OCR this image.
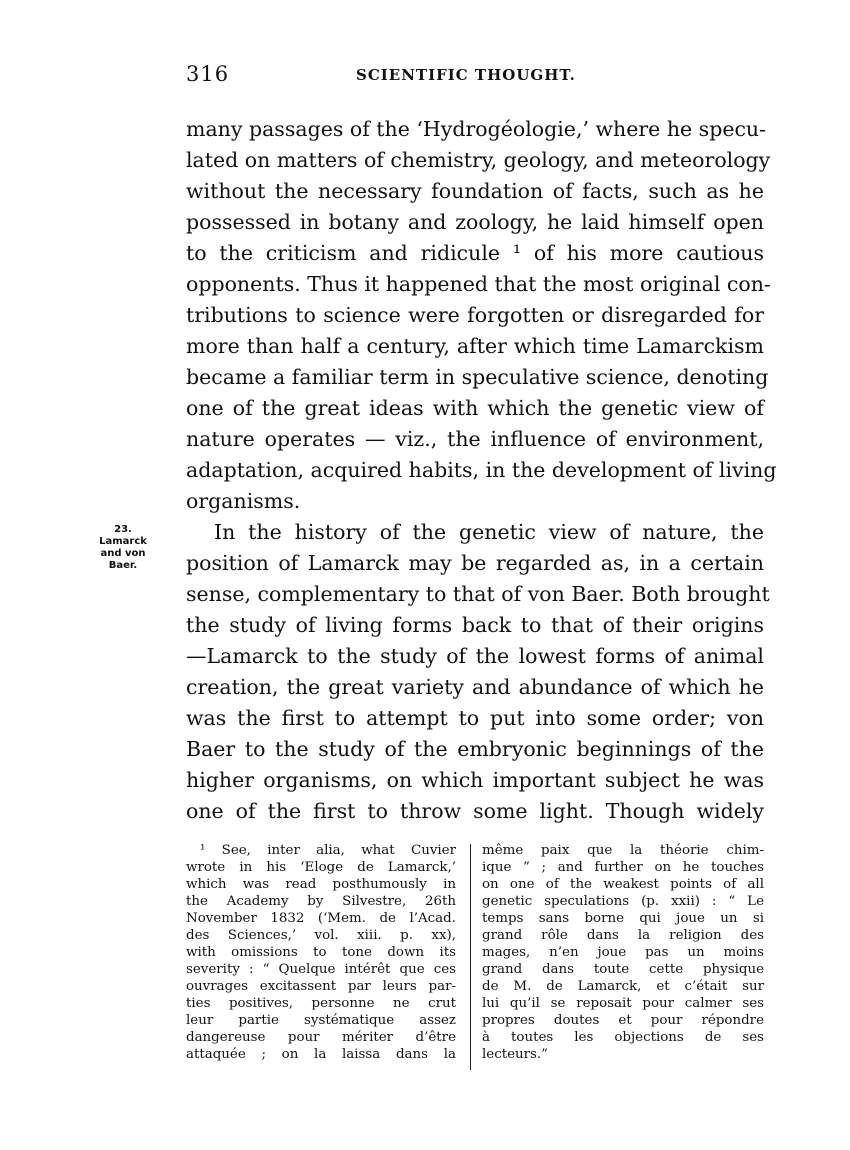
316	SCIENTIFIC THOUGHT.
23.
Lamarck
and von
Baer.
many passages of the ‘Hydrogéologie,’ where he specu-
lated on matters of chemistry, geology, and meteorology
without the necessary foundation of facts, such as he
possessed in botany and zoology, he laid himself open
to the criticism and ridicule ¹ of his more cautious
opponents. Thus it happened that the most original con-
tributions to science were forgotten or disregarded for
more than half a century, after which time Lamarckism
became a familiar term in speculative science, denoting
one of the great ideas with which the genetic view of
nature operates — viz., the influence of environment,
adaptation, acquired habits, in the development of living
organisms.
In the history of the genetic view of nature, the
position of Lamarck may be regarded as, in a certain
sense, complementary to that of von Baer. Both brought
the study of living forms back to that of their origins
—Lamarck to the study of the lowest forms of animal
creation, the great variety and abundance of which he
was the first to attempt to put into some order; von
Baer to the study of the embryonic beginnings of the
higher organisms, on which important subject he was
one of the first to throw some light. Though widely
¹ See, inter alia, what Cuvier
wrote in his ‘Eloge de Lamarck,’
which was read posthumously in
the Academy by Silvestre, 26th
November 1832 (‘Mem. de l’Acad.
des Sciences,’ vol. xiii. p. xx),
with omissions to tone down its
severity : “ Quelque intérêt que ces
ouvrages excitassent par leurs par-
ties positives, personne ne crut
leur partie systématique assez
dangereuse pour mériter d’être
attaquée ; on la laissa dans la
même paix que la théorie chim-
ique ” ; and further on he touches
on one of the weakest points of all
genetic speculations (p. xxii) : “ Le
temps sans borne qui joue un si
grand rôle dans la religion des
mages, n’en joue pas un moins
grand dans toute cette physique
de M. de Lamarck, et c’était sur
lui qu’il se reposait pour calmer ses
propres doutes et pour répondre
à toutes les objections de ses
lecteurs.”
